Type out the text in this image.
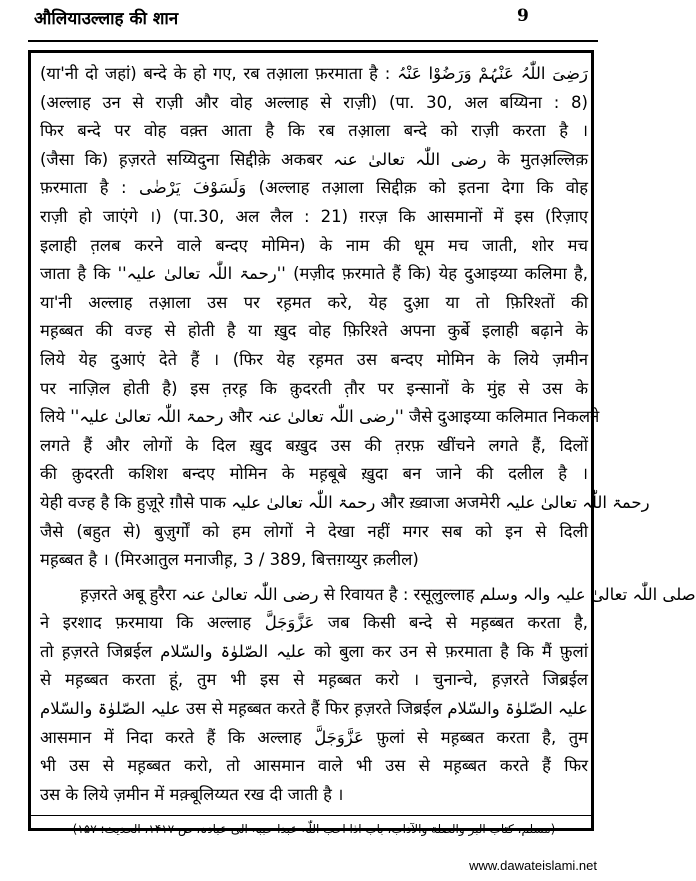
औलियाउल्लाह की शान	9
(या'नी दो जहां) बन्दे के हो गए, रब तआ़ला फ़रमाता है : رَضِیَ اللّٰہُ عَنْہُمْ وَرَضُوْا عَنْہُ
(अल्लाह उन से राज़ी और वोह अल्लाह से राज़ी) (पा. 30, अल बय्यिना : 8)
फिर बन्दे पर वोह वक़्त आता है कि रब तआ़ला बन्दे को राज़ी करता है ।
(जैसा कि) ह़ज़रते सय्यिदुना सिद्दीक़े अकबर رضی اللّٰہ تعالیٰ عنہ के मुतअ़ल्लिक़
फ़रमाता है : وَلَسَوْفَ یَرْضٰی (अल्लाह तआ़ला सिद्दीक़ को इतना देगा कि वोह
राज़ी हो जाएंगे ।) (पा.30, अल लैल : 21) ग़रज़ कि आसमानों में इस (रिज़ाए
इलाही त़लब करने वाले बन्दए मोमिन) के नाम की धूम मच जाती, शोर मच
जाता है कि ''رحمۃ اللّٰہ تعالیٰ علیہ'' (मज़ीद फ़रमाते हैं कि) येह दुआइय्या कलिमा है,
या'नी अल्लाह तआ़ला उस पर रह़मत करे, येह दुआ़ या तो फ़िरिश्तों की
मह़ब्बत की वज्ह से होती है या ख़ुद वोह फ़िरिश्ते अपना कुर्बे इलाही बढ़ाने के
लिये येह दुआएं देते हैं । (फिर येह रह़मत उस बन्दए मोमिन के लिये ज़मीन
पर नाज़िल होती है) इस त़रह़ कि क़ुदरती त़ौर पर इन्सानों के मुंह से उस के
लिये ''رحمۃ اللّٰہ تعالیٰ علیہ और رضی اللّٰہ تعالیٰ عنہ'' जैसे दुआइय्या कलिमात निकलने
लगते हैं और लोगों के दिल ख़ुद बख़ुद उस की त़रफ़ खींचने लगते हैं, दिलों
की क़ुदरती कशिश बन्दए मोमिन के मह़बूबे ख़ुदा बन जाने की दलील है ।
येही वज्ह है कि हुज़ूरे ग़ौसे पाक رحمۃ اللّٰہ تعالیٰ علیہ और ख़्वाजा अजमेरी رحمۃ اللّٰہ تعالیٰ علیہ
जैसे (बहुत से) बुज़ुर्गों को हम लोगों ने देखा नहीं मगर सब को इन से दिली
मह़ब्बत है । (मिरआतुल मनाजीह़, 3 / 389, बित्तग़य्युर क़लील)
ह़ज़रते अबू हुरैरा رضی اللّٰہ تعالیٰ عنہ से रिवायत है : रसूलुल्लाह صلی اللّٰہ تعالیٰ علیہ والہ وسلم
ने इरशाद फ़रमाया कि अल्लाह عَزَّوَجَلَّ जब किसी बन्दे से मह़ब्बत करता है,
तो ह़ज़रते जिब्रईल علیہ الصّلوٰۃ والسّلام को बुला कर उन से फ़रमाता है कि मैं फ़ुलां
से मह़ब्बत करता हूं, तुम भी इस से मह़ब्बत करो । चुनान्चे, ह़ज़रते जिब्रईल
علیہ الصّلوٰۃ والسّلام उस से मह़ब्बत करते हैं फिर ह़ज़रते जिब्रईल علیہ الصّلوٰۃ والسّلام
आसमान में निदा करते हैं कि अल्लाह عَزَّوَجَلَّ फ़ुलां से मह़ब्बत करता है, तुम
भी उस से मह़ब्बत करो, तो आसमान वाले भी उस से मह़ब्बत करते हैं फिर
उस के लिये ज़मीन में मक़्बूलिय्यत रख दी जाती है ।
(مسلم، کتاب البر والصلة والآداب، باب اذا احب اللّٰہ عبدا حببہ الی عبادہ، ص ۱۴۱۷، الحدیث: ۱۵۷)
www.dawateislami.net
